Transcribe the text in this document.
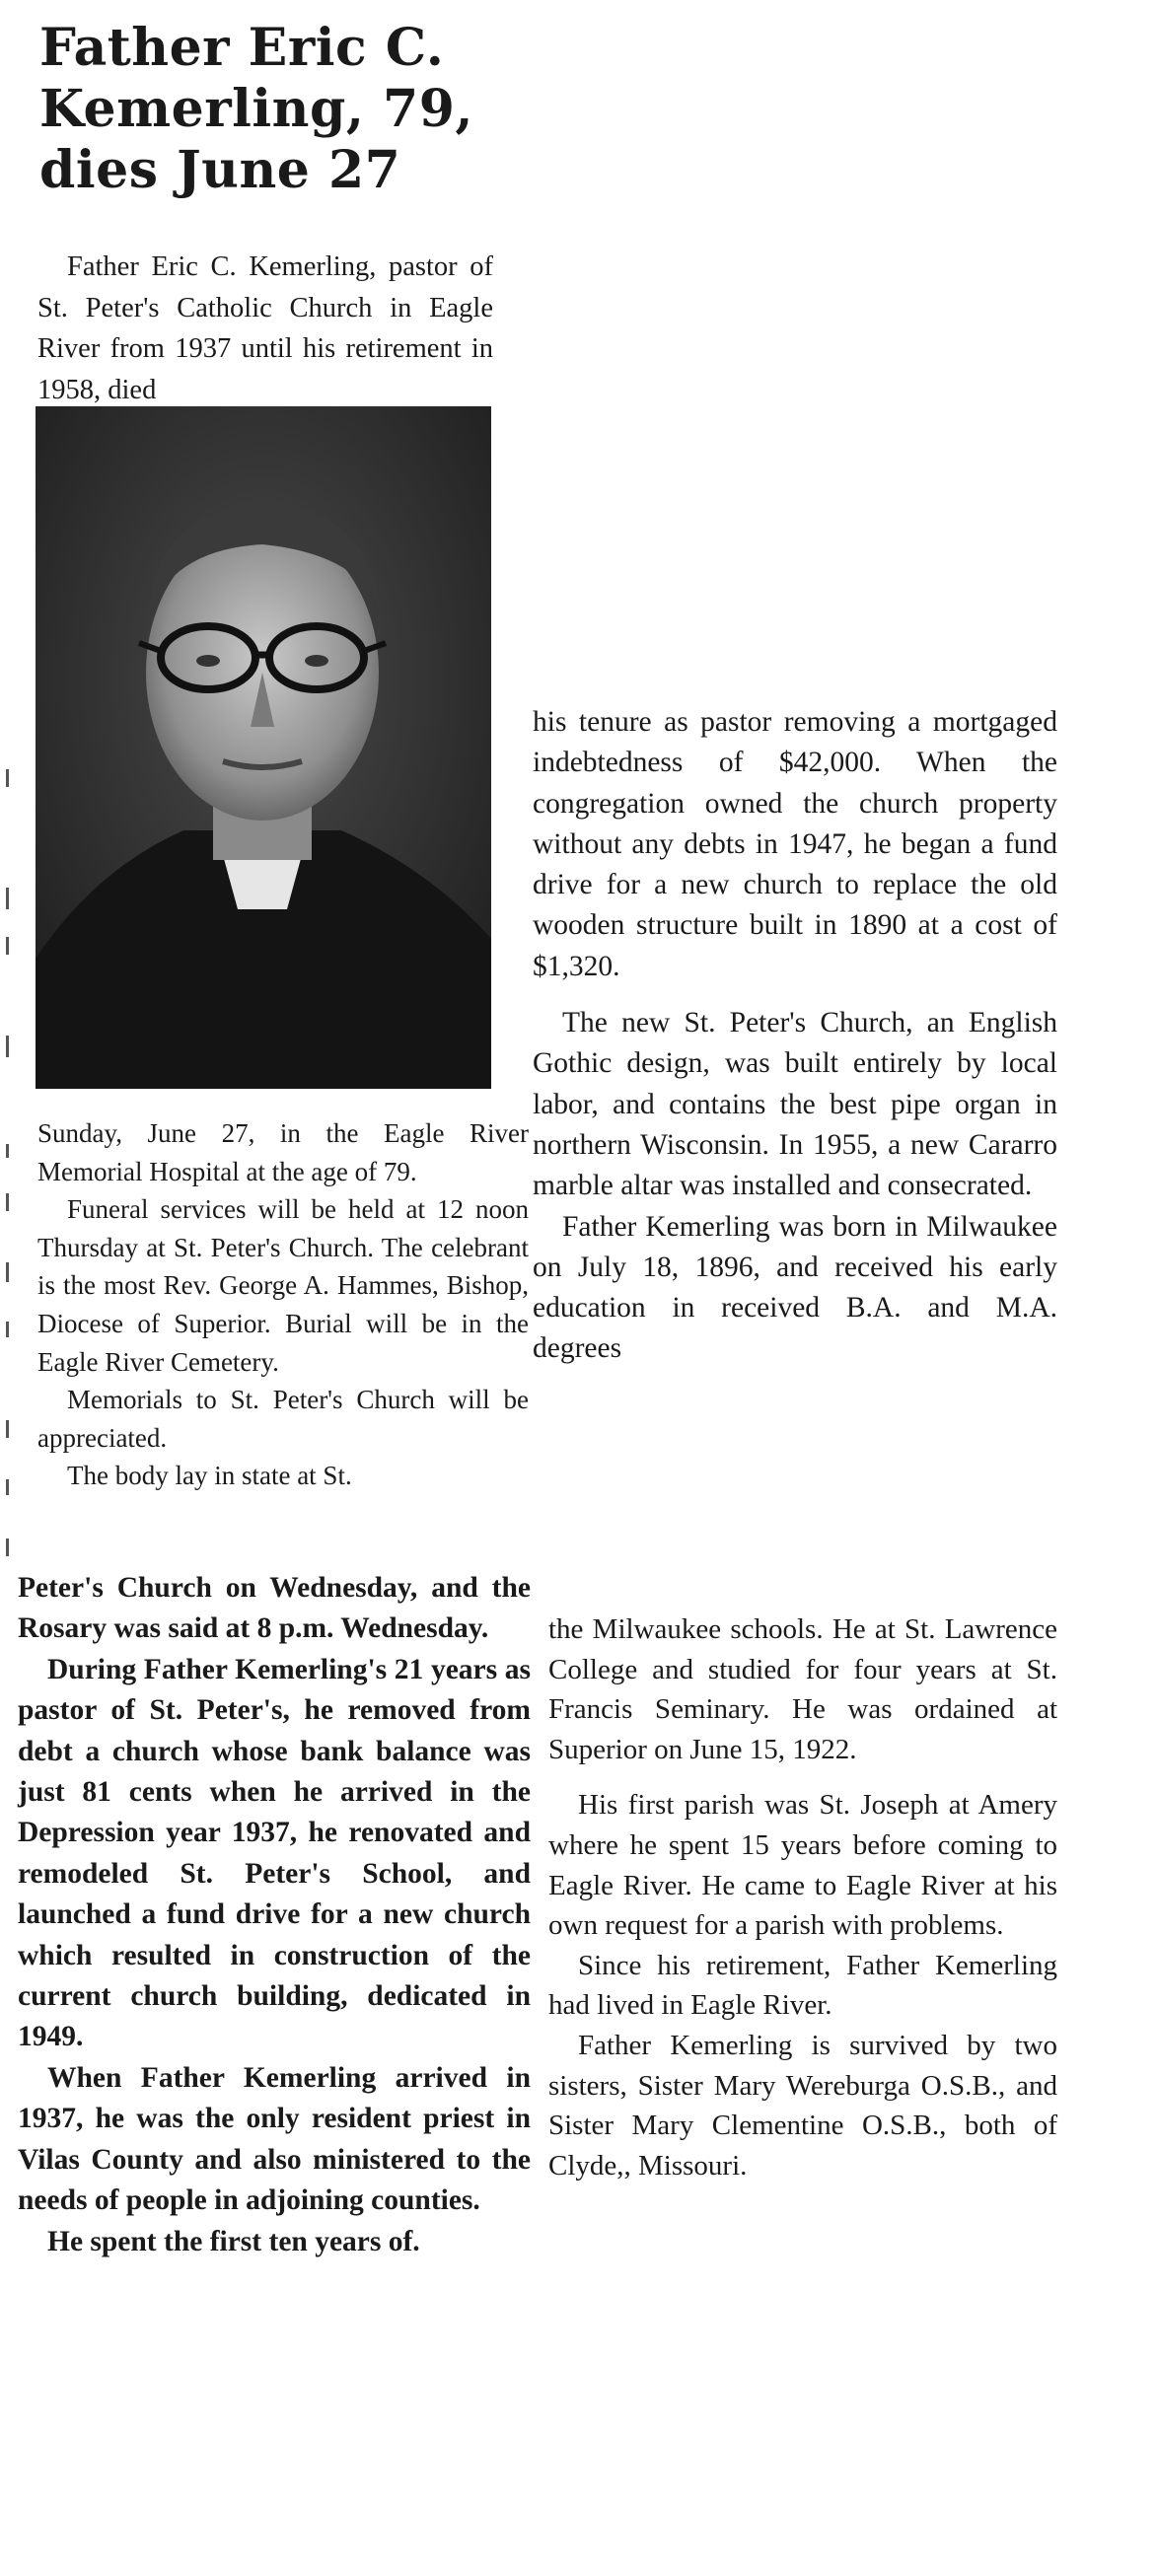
Father Eric C.
Kemerling, 79,
dies June 27

Father Eric C. Kemerling, pastor of St. Peter's Catholic Church in Eagle River from 1937 until his retirement in 1958, died

Sunday, June 27, in the Eagle River Memorial Hospital at the age of 79.

Funeral services will be held at 12 noon Thursday at St. Peter's Church. The celebrant is the most Rev. George A. Hammes, Bishop, Diocese of Superior. Burial will be in the Eagle River Cemetery.

Memorials to St. Peter's Church will be appreciated.

The body lay in state at St.

Peter's Church on Wednesday, and the Rosary was said at 8 p.m. Wednesday.

During Father Kemerling's 21 years as pastor of St. Peter's, he removed from debt a church whose bank balance was just 81 cents when he arrived in the Depression year 1937, he renovated and remodeled St. Peter's School, and launched a fund drive for a new church which resulted in construction of the current church building, dedicated in 1949.

When Father Kemerling arrived in 1937, he was the only resident priest in Vilas County and also ministered to the needs of people in adjoining counties.

He spent the first ten years of.

his tenure as pastor removing a mortgaged indebtedness of $42,000. When the congregation owned the church property without any debts in 1947, he began a fund drive for a new church to replace the old wooden structure built in 1890 at a cost of $1,320.

The new St. Peter's Church, an English Gothic design, was built entirely by local labor, and contains the best pipe organ in northern Wisconsin. In 1955, a new Cararro marble altar was installed and consecrated.

Father Kemerling was born in Milwaukee on July 18, 1896, and received his early education in received B.A. and M.A. degrees

the Milwaukee schools. He at St. Lawrence College and studied for four years at St. Francis Seminary. He was ordained at Superior on June 15, 1922.

His first parish was St. Joseph at Amery where he spent 15 years before coming to Eagle River. He came to Eagle River at his own request for a parish with problems.

Since his retirement, Father Kemerling had lived in Eagle River.

Father Kemerling is survived by two sisters, Sister Mary Wereburga O.S.B., and Sister Mary Clementine O.S.B., both of Clyde,, Missouri.
